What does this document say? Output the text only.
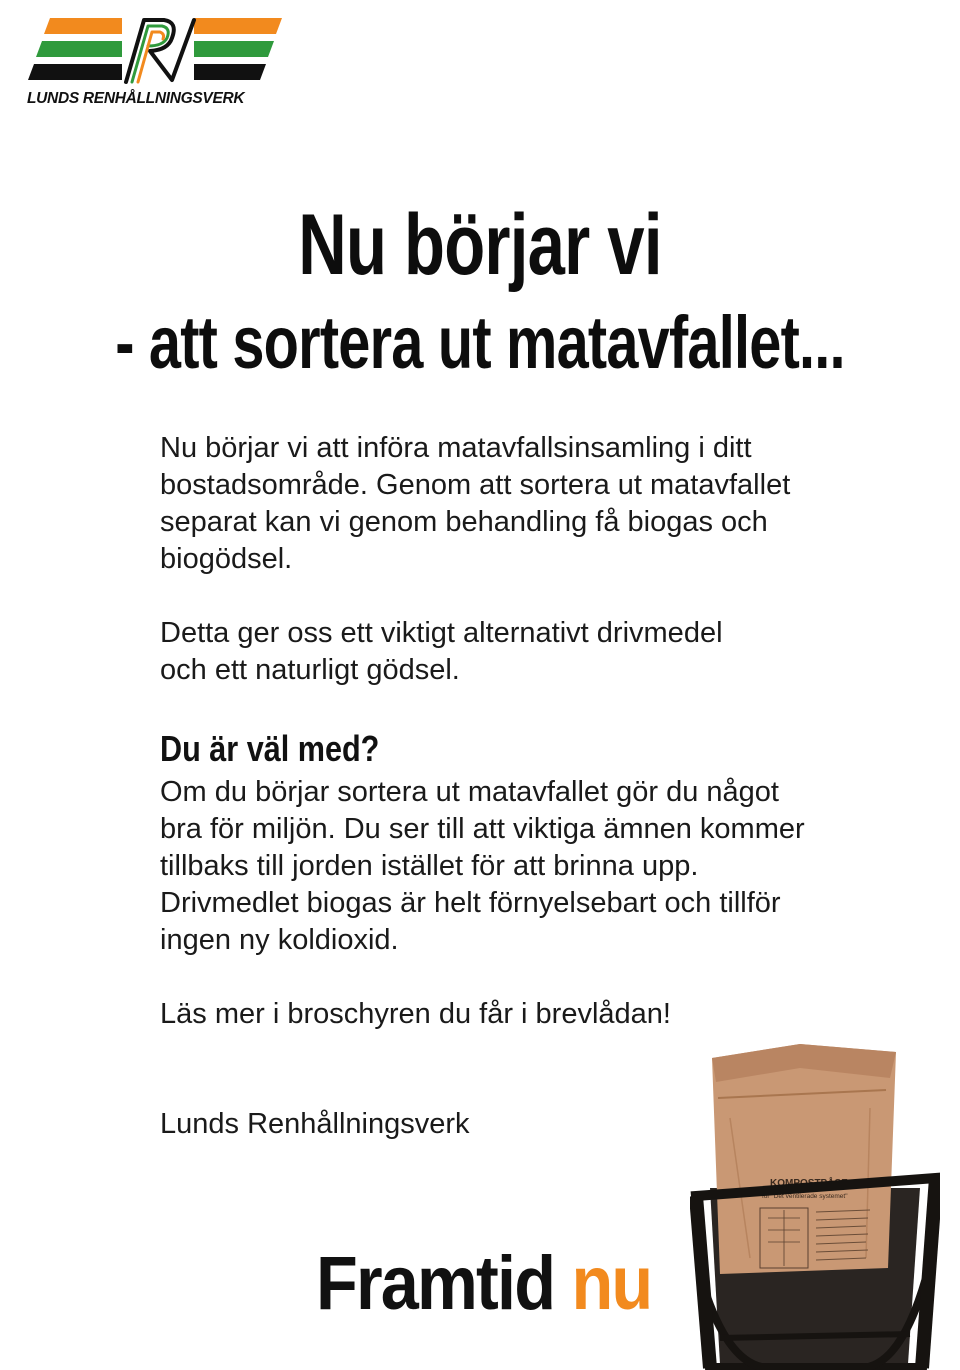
LUNDS RENHÅLLNINGSVERK
Nu börjar vi
- att sortera ut matavfallet...

Nu börjar vi att införa matavfallsinsamling i ditt
bostadsområde. Genom att sortera ut matavfallet
separat kan vi genom behandling få biogas och
biogödsel.

Detta ger oss ett viktigt alternativt drivmedel
och ett naturligt gödsel.

Du är väl med?

Om du börjar sortera ut matavfallet gör du något
bra för miljön. Du ser till att viktiga ämnen kommer
tillbaks till jorden istället för att brinna upp.
Drivmedlet biogas är helt förnyelsebart och tillför
ingen ny koldioxid.

Läs mer i broschyren du får i brevlådan!

Lunds Renhållningsverk

KOMPOSTPÅSE
för "Det ventilerade systemet"
Framtid nu
